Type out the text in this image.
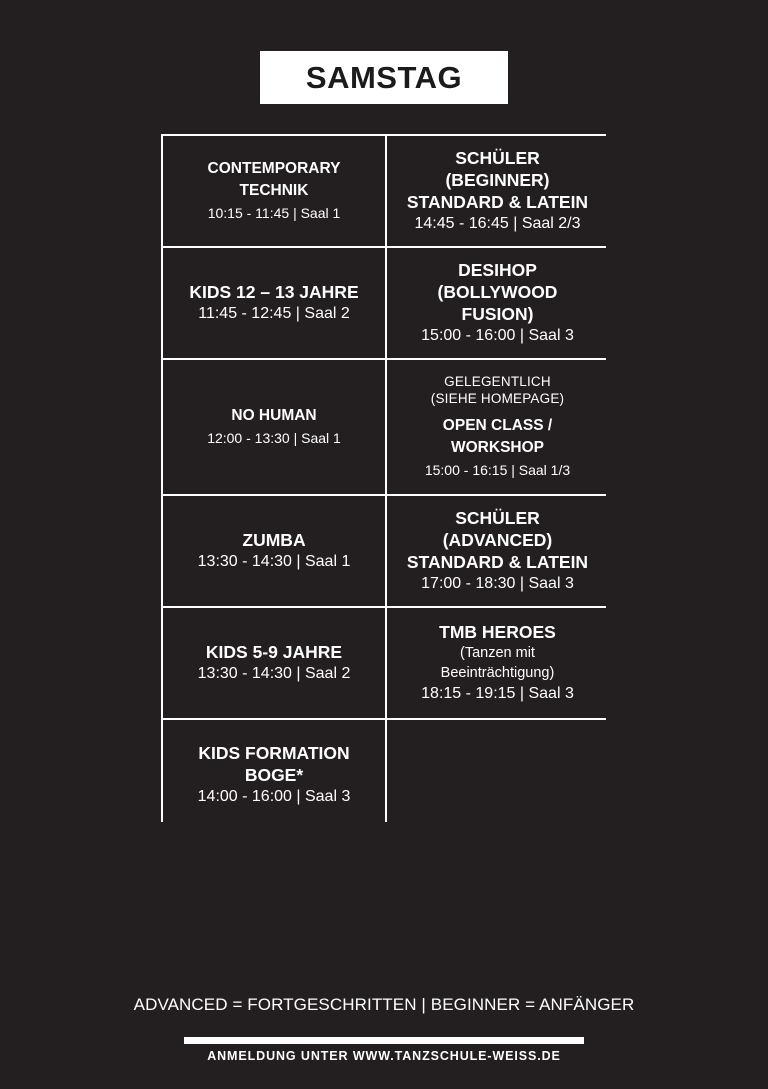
SAMSTAG
CONTEMPORARY
TECHNIK
10:15 - 11:45 | Saal 1
SCHÜLER
(BEGINNER)
STANDARD & LATEIN
14:45 - 16:45 | Saal 2/3
KIDS 12 – 13 JAHRE
11:45 - 12:45 | Saal 2
DESIHOP
(BOLLYWOOD
FUSION)
15:00 - 16:00 | Saal 3
NO HUMAN
12:00 - 13:30 | Saal 1
GELEGENTLICH
(SIEHE HOMEPAGE)
OPEN CLASS /
WORKSHOP
15:00 - 16:15 | Saal 1/3
ZUMBA
13:30 - 14:30 | Saal 1
SCHÜLER
(ADVANCED)
STANDARD & LATEIN
17:00 - 18:30 | Saal 3
KIDS 5-9 JAHRE
13:30 - 14:30 | Saal 2
TMB HEROES
(Tanzen mit
Beeinträchtigung)
18:15 - 19:15 | Saal 3
KIDS FORMATION
BOGE*
14:00 - 16:00 | Saal 3
ADVANCED = FORTGESCHRITTEN | BEGINNER = ANFÄNGER
ANMELDUNG UNTER WWW.TANZSCHULE-WEISS.DE
